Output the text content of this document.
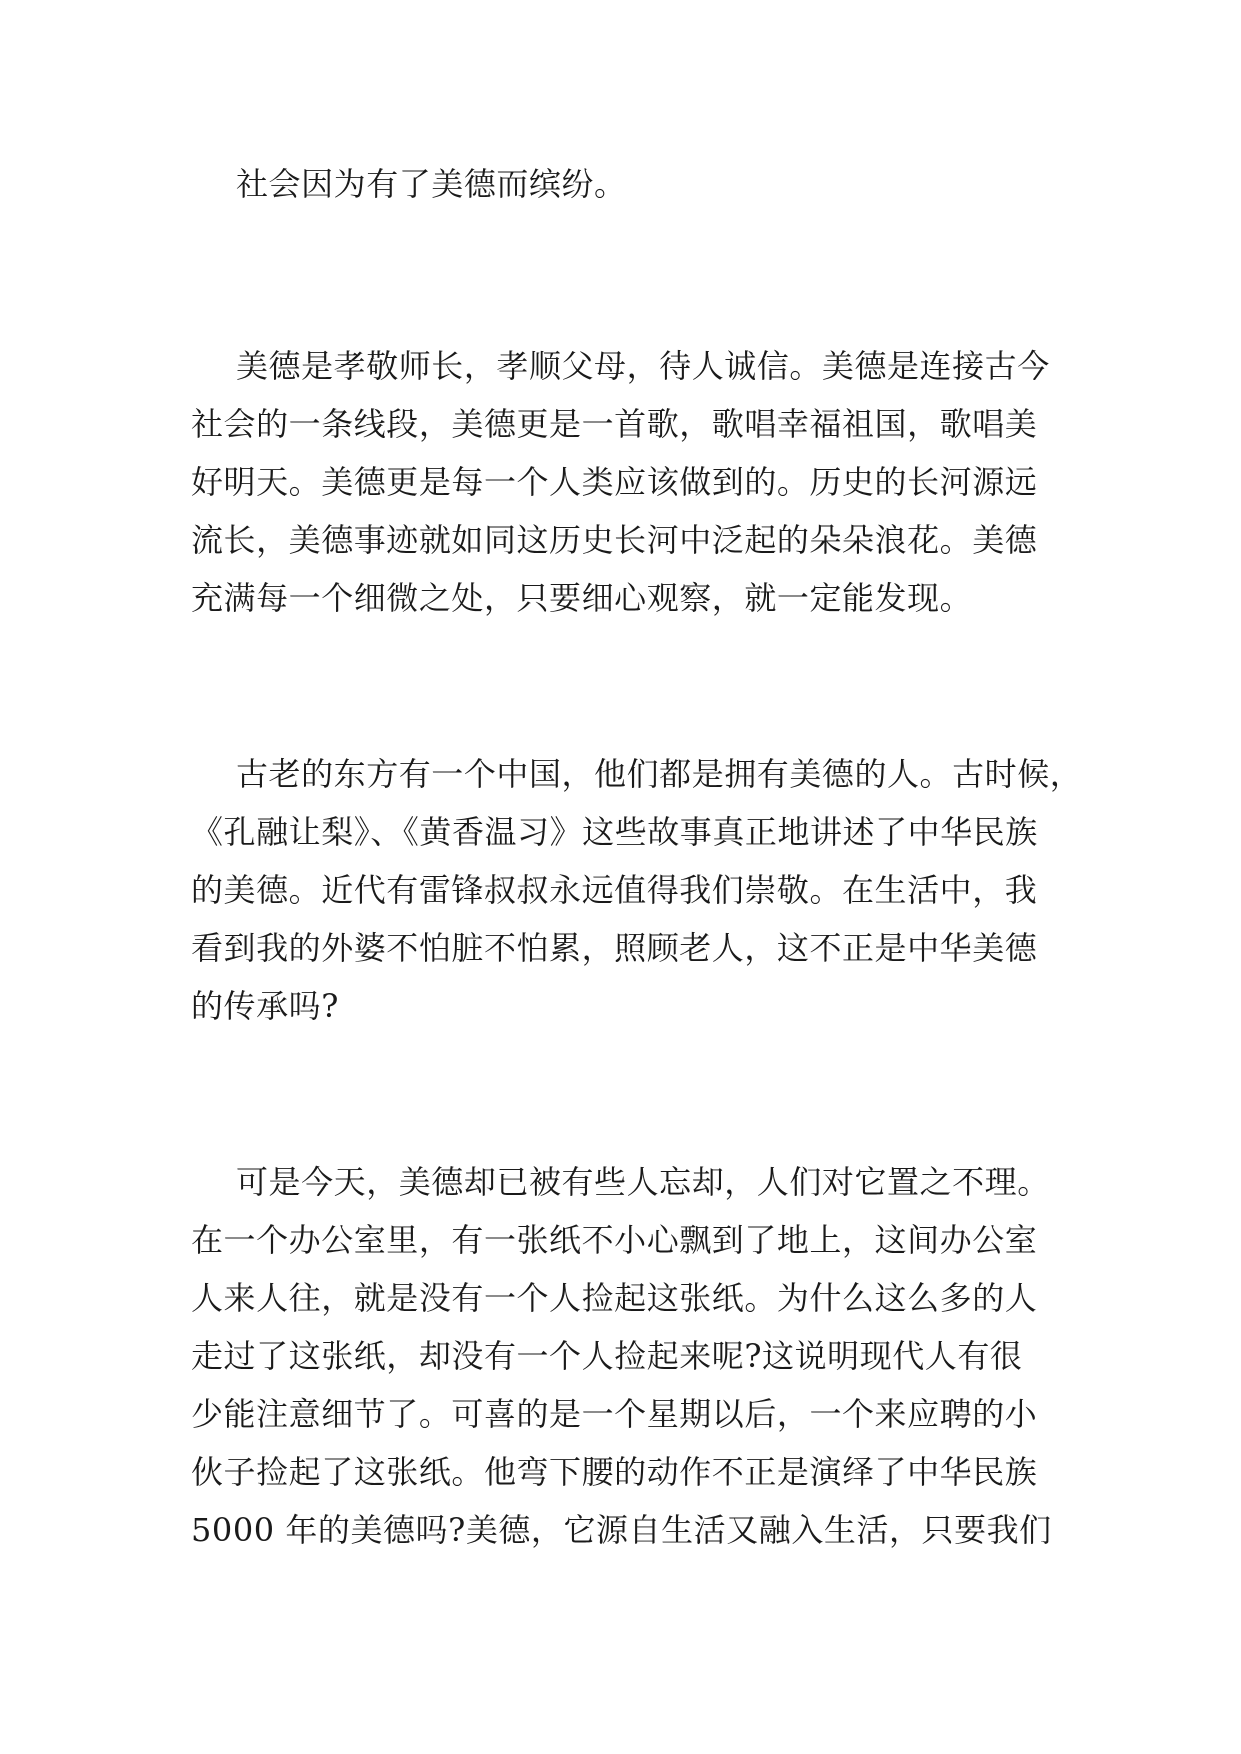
社会因为有了美德而缤纷。
美德是孝敬师长，孝顺父母，待人诚信。美德是连接古今
社会的一条线段，美德更是一首歌，歌唱幸福祖国，歌唱美
好明天。美德更是每一个人类应该做到的。历史的长河源远
流长，美德事迹就如同这历史长河中泛起的朵朵浪花。美德
充满每一个细微之处，只要细心观察，就一定能发现。
古老的东方有一个中国，他们都是拥有美德的人。古时候，
《孔融让梨》、《黄香温习》这些故事真正地讲述了中华民族
的美德。近代有雷锋叔叔永远值得我们崇敬。在生活中，我
看到我的外婆不怕脏不怕累，照顾老人，这不正是中华美德
的传承吗?
可是今天，美德却已被有些人忘却，人们对它置之不理。
在一个办公室里，有一张纸不小心飘到了地上，这间办公室
人来人往，就是没有一个人捡起这张纸。为什么这么多的人
走过了这张纸，却没有一个人捡起来呢?这说明现代人有很
少能注意细节了。可喜的是一个星期以后，一个来应聘的小
伙子捡起了这张纸。他弯下腰的动作不正是演绎了中华民族
5000 年的美德吗?美德，它源自生活又融入生活，只要我们
